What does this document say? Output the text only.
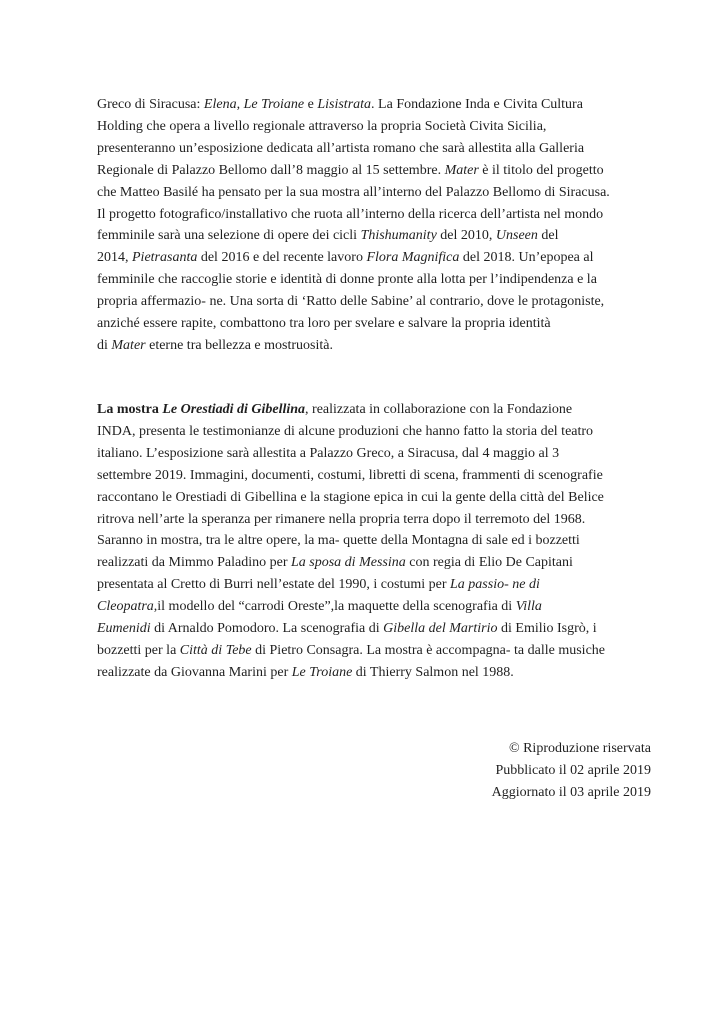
Greco di Siracusa: Elena, Le Troiane e Lisistrata. La Fondazione Inda e Civita Cultura
Holding che opera a livello regionale attraverso la propria Società Civita Sicilia,
presenteranno un’esposizione dedicata all’artista romano che sarà allestita alla Galleria
Regionale di Palazzo Bellomo dall’8 maggio al 15 settembre. Mater è il titolo del progetto
che Matteo Basilé ha pensato per la sua mostra all’interno del Palazzo Bellomo di Siracusa.
Il progetto fotografico/installativo che ruota all’interno della ricerca dell’artista nel mondo
femminile sarà una selezione di opere dei cicli Thishumanity del 2010, Unseen del
2014, Pietrasanta del 2016 e del recente lavoro Flora Magnifica del 2018. Un’epopea al
femminile che raccoglie storie e identità di donne pronte alla lotta per l’indipendenza e la
propria affermazio- ne. Una sorta di ‘Ratto delle Sabine’ al contrario, dove le protagoniste,
anziché essere rapite, combattono tra loro per svelare e salvare la propria identità
di Mater eterne tra bellezza e mostruosità.

La mostra Le Orestiadi di Gibellina, realizzata in collaborazione con la Fondazione
INDA, presenta le testimonianze di alcune produzioni che hanno fatto la storia del teatro
italiano. L’esposizione sarà allestita a Palazzo Greco, a Siracusa, dal 4 maggio al 3
settembre 2019. Immagini, documenti, costumi, libretti di scena, frammenti di scenografie
raccontano le Orestiadi di Gibellina e la stagione epica in cui la gente della città del Belice
ritrova nell’arte la speranza per rimanere nella propria terra dopo il terremoto del 1968.
Saranno in mostra, tra le altre opere, la ma- quette della Montagna di sale ed i bozzetti
realizzati da Mimmo Paladino per La sposa di Messina con regia di Elio De Capitani
presentata al Cretto di Burri nell’estate del 1990, i costumi per La passio- ne di
Cleopatra,il modello del “carrodi Oreste”,la maquette della scenografia di Villa
Eumenidi di Arnaldo Pomodoro. La scenografia di Gibella del Martirio di Emilio Isgrò, i
bozzetti per la Città di Tebe di Pietro Consagra. La mostra è accompagna- ta dalle musiche
realizzate da Giovanna Marini per Le Troiane di Thierry Salmon nel 1988.

© Riproduzione riservata
Pubblicato il 02 aprile 2019
Aggiornato il 03 aprile 2019
